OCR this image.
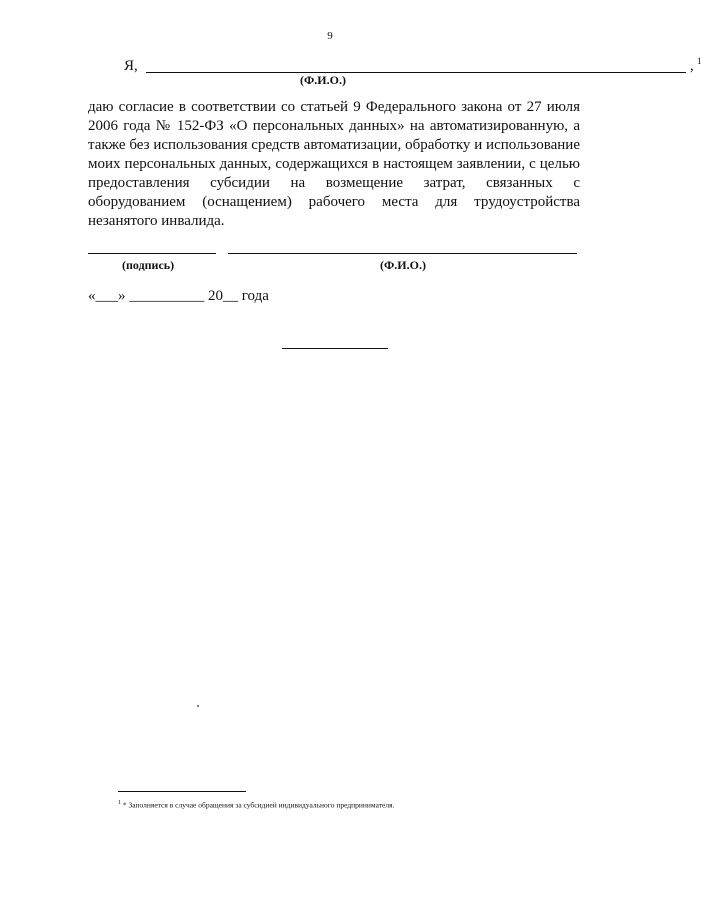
9
Я,	, 1
(Ф.И.О.)
даю согласие в соответствии со статьей 9 Федерального закона от 27 июля 2006 года № 152-ФЗ «О персональных данных» на автоматизированную, а также без использования средств автоматизации, обработку и использование моих персональных данных, содержащихся в настоящем заявлении, с целью предоставления субсидии на возмещение затрат, связанных с оборудованием (оснащением) рабочего места для трудоустройства незанятого инвалида.
(подпись)	(Ф.И.О.)
«___» __________ 20__ года
$^1$ * Заполняется в случае обращения за субсидией индивидуального предпринимателя.
